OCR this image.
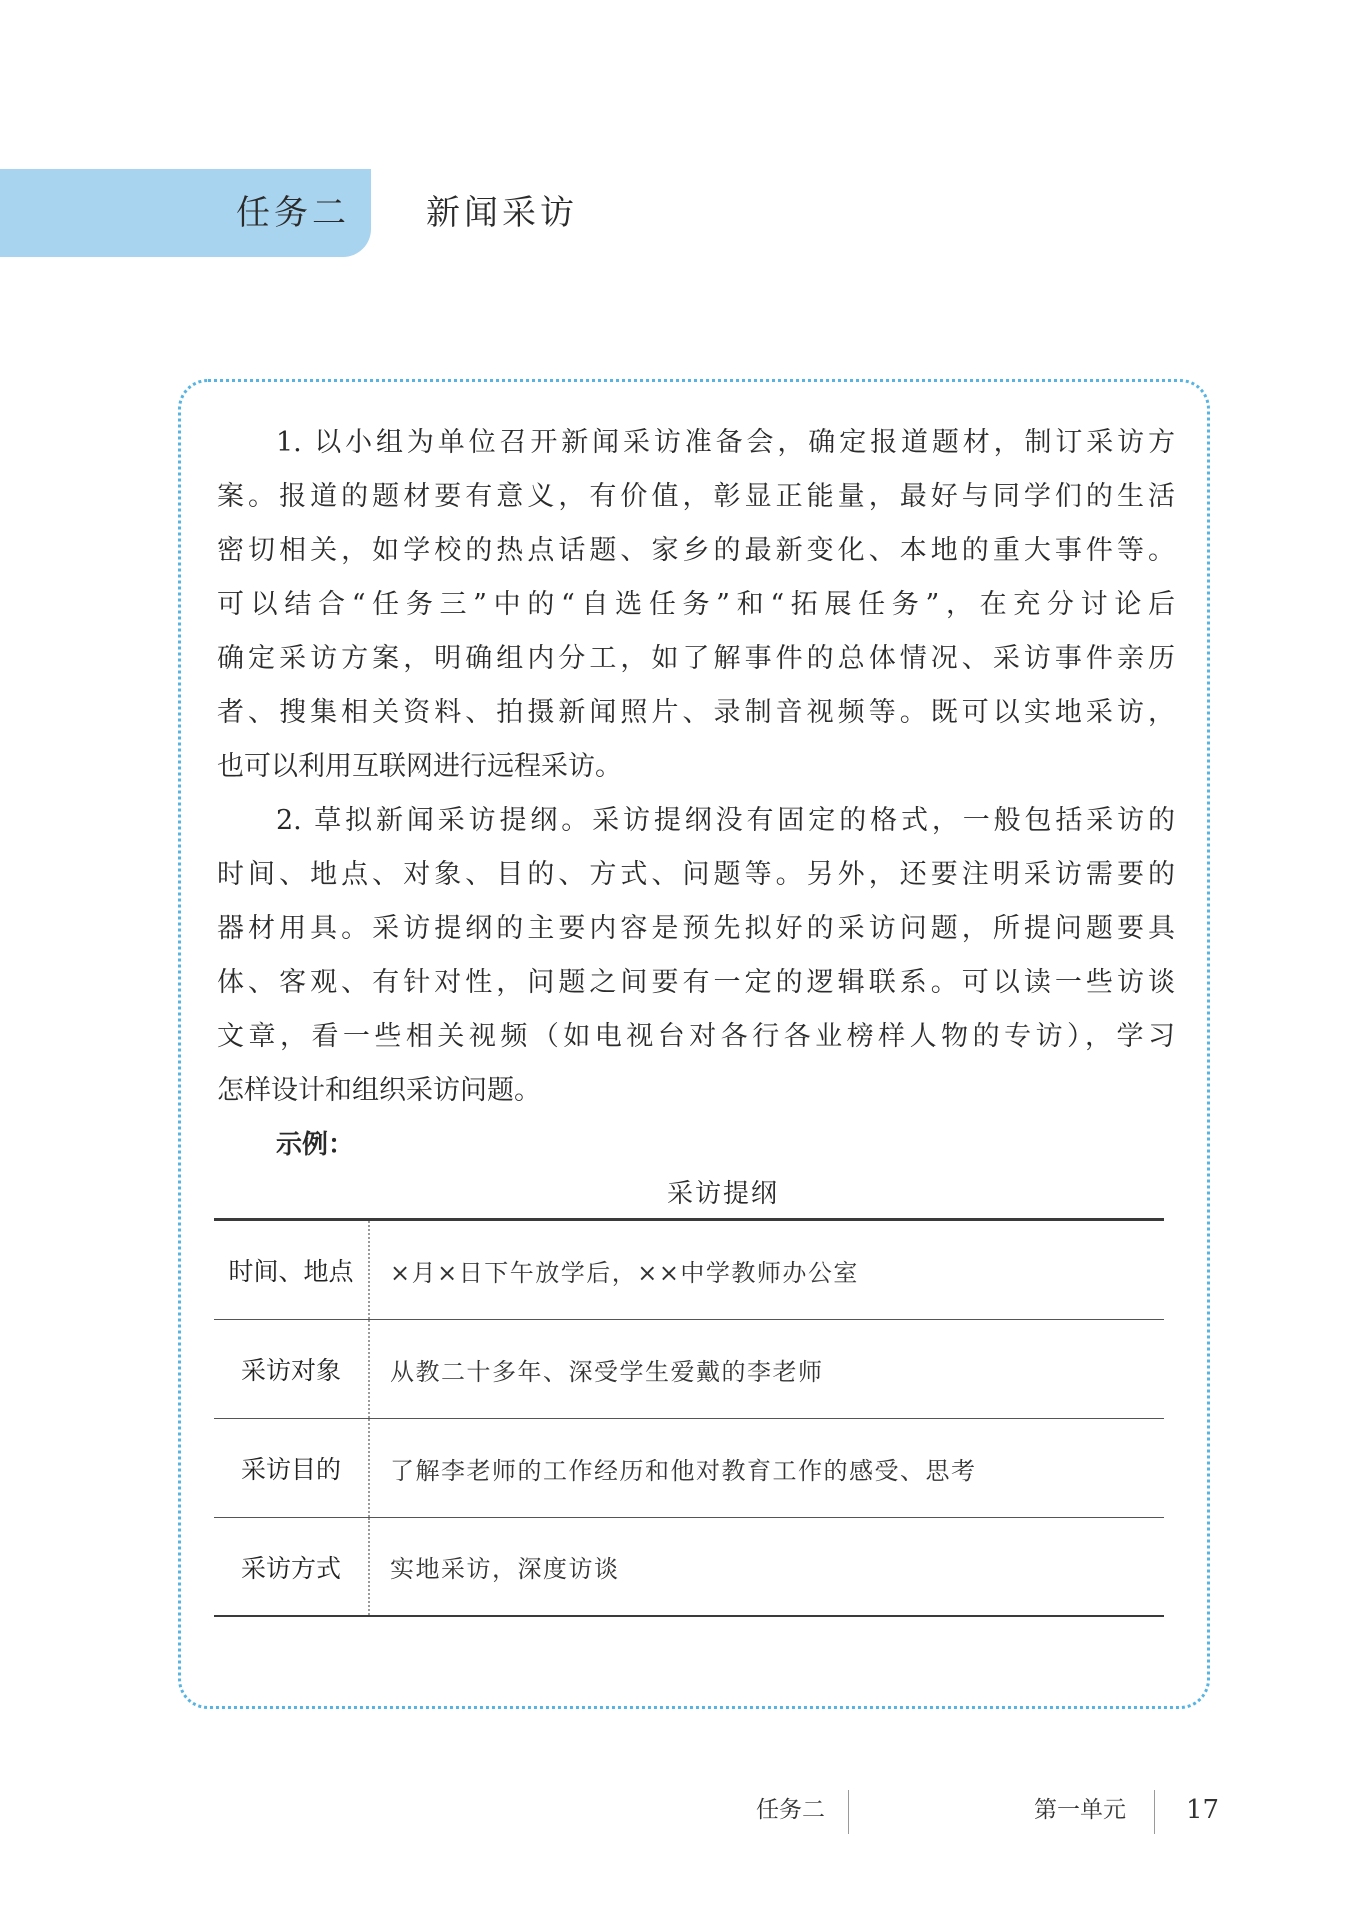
任务二 新闻采访
1. 以小组为单位召开新闻采访准备会，确定报道题材，制订采访方
案。报道的题材要有意义，有价值，彰显正能量，最好与同学们的生活
密切相关，如学校的热点话题、家乡的最新变化、本地的重大事件等。
可以结合“任务三”中的“自选任务”和“拓展任务”，在充分讨论后
确定采访方案，明确组内分工，如了解事件的总体情况、采访事件亲历
者、搜集相关资料、拍摄新闻照片、录制音视频等。既可以实地采访，
也可以利用互联网进行远程采访。
2. 草拟新闻采访提纲。采访提纲没有固定的格式，一般包括采访的
时间、地点、对象、目的、方式、问题等。另外，还要注明采访需要的
器材用具。采访提纲的主要内容是预先拟好的采访问题，所提问题要具
体、客观、有针对性，问题之间要有一定的逻辑联系。可以读一些访谈
文章，看一些相关视频（如电视台对各行各业榜样人物的专访），学习
怎样设计和组织采访问题。
示例：
采访提纲
时间、地点	×月×日下午放学后，××中学教师办公室
采访对象	从教二十多年、深受学生爱戴的李老师
采访目的	了解李老师的工作经历和他对教育工作的感受、思考
采访方式	实地采访，深度访谈
任务二	第一单元 17
